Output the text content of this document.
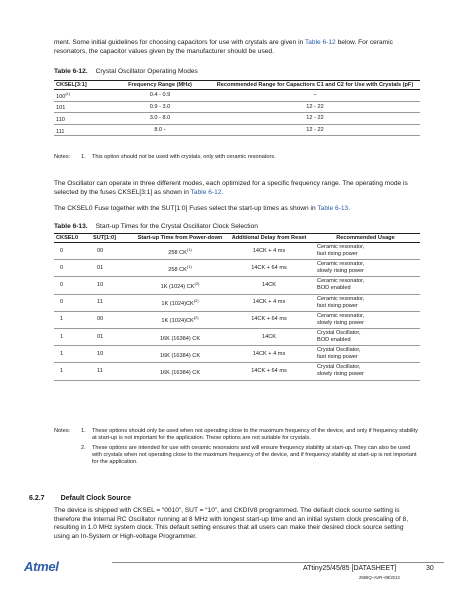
ment. Some initial guidelines for choosing capacitors for use with crystals are given in Table 6-12 below. For ceramic resonators, the capacitor values given by the manufacturer should be used.
Table 6-12. Crystal Oscillator Operating Modes
CKSEL[3:1]	Frequency Range (MHz)	Recommended Range for Capacitors C1 and C2 for Use with Crystals (pF)
100$^{(1)}$	0.4 - 0.9	–
101	0.9 - 3.0	12 - 22
110	3.0 - 8.0	12 - 22
111	8.0 -	12 - 22
Notes: 1. This option should not be used with crystals, only with ceramic resonators.
The Oscillator can operate in three different modes, each optimized for a specific frequency range. The operating mode is selected by the fuses CKSEL[3:1] as shown in Table 6-12.
The CKSEL0 Fuse together with the SUT[1:0] Fuses select the start-up times as shown in Table 6-13.
Table 6-13. Start-up Times for the Crystal Oscillator Clock Selection
CKSEL0	SUT[1:0]	Start-up Time from Power-down	Additional Delay from Reset	Recommended Usage
0	00	258 CK$^{(1)}$	14CK + 4 ms	Ceramic resonator,
fast rising power
0	01	258 CK$^{(1)}$	14CK + 64 ms	Ceramic resonator,
slowly rising power
0	10	1K (1024) CK$^{(2)}$	14CK	Ceramic resonator,
BOD enabled
0	11	1K (1024)CK$^{(2)}$	14CK + 4 ms	Ceramic resonator,
fast rising power
1	00	1K (1024)CK$^{(2)}$	14CK + 64 ms	Ceramic resonator,
slowly rising power
1	01	16K (16384) CK	14CK	Crystal Oscillator,
BOD enabled
1	10	16K (16384) CK	14CK + 4 ms	Crystal Oscillator,
fast rising power
1	11	16K (16384) CK	14CK + 64 ms	Crystal Oscillator,
slowly rising power
Notes: 1. These options should only be used when not operating close to the maximum frequency of the device, and only if frequency stability at start-up is not important for the application. These options are not suitable for crystals.
2. These options are intended for use with ceramic resonators and will ensure frequency stability at start-up. They can also be used with crystals when not operating close to the maximum frequency of the device, and if frequency stability at start-up is not important for the application.
6.2.7 Default Clock Source
The device is shipped with CKSEL = “0010”, SUT = “10”, and CKDIV8 programmed. The default clock source setting is therefore the Internal RC Oscillator running at 8 MHz with longest start-up time and an initial system clock prescaling of 8, resulting in 1.0 MHz system clock. This default setting ensures that all users can make their desired clock source setting using an In-System or High-voltage Programmer.
Atmel	ATtiny25/45/85 [DATASHEET]	30
2586Q–AVR–08/2013
